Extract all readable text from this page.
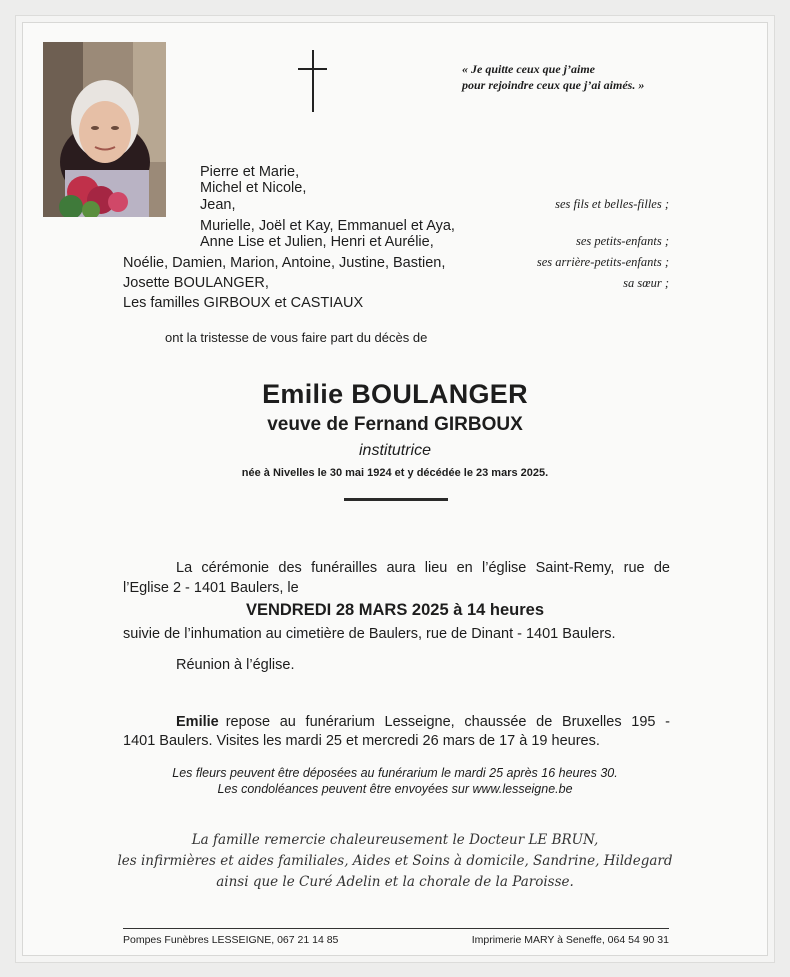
« Je quitte ceux que j’aime
pour rejoindre ceux que j’ai aimés. »
Pierre et Marie,
Michel et Nicole,
Jean,
Murielle, Joël et Kay, Emmanuel et Aya,
Anne Lise et Julien, Henri et Aurélie,
Noélie, Damien, Marion, Antoine, Justine, Bastien,
Josette BOULANGER,
Les familles GIRBOUX et CASTIAUX
ses fils et belles-filles ;
ses petits-enfants ;
ses arrière-petits-enfants ;
sa sœur ;
ont la tristesse de vous faire part du décès de
Emilie BOULANGER
veuve de Fernand GIRBOUX
institutrice
née à Nivelles le 30 mai 1924 et y décédée le 23 mars 2025.
La cérémonie des funérailles aura lieu en l’église Saint-Remy, rue de
l’Eglise 2 - 1401 Baulers, le
VENDREDI 28 MARS 2025 à 14 heures
suivie de l’inhumation au cimetière de Baulers, rue de Dinant - 1401 Baulers.
Réunion à l’église.
Emilie repose au funérarium Lesseigne, chaussée de Bruxelles 195 -
1401 Baulers. Visites les mardi 25 et mercredi 26 mars de 17 à 19 heures.
Les fleurs peuvent être déposées au funérarium le mardi 25 après 16 heures 30.
Les condoléances peuvent être envoyées sur www.lesseigne.be
La famille remercie chaleureusement le Docteur LE BRUN,
les infirmières et aides familiales, Aides et Soins à domicile, Sandrine, Hildegard
ainsi que le Curé Adelin et la chorale de la Paroisse.
Pompes Funèbres LESSEIGNE, 067 21 14 85	Imprimerie MARY à Seneffe, 064 54 90 31
